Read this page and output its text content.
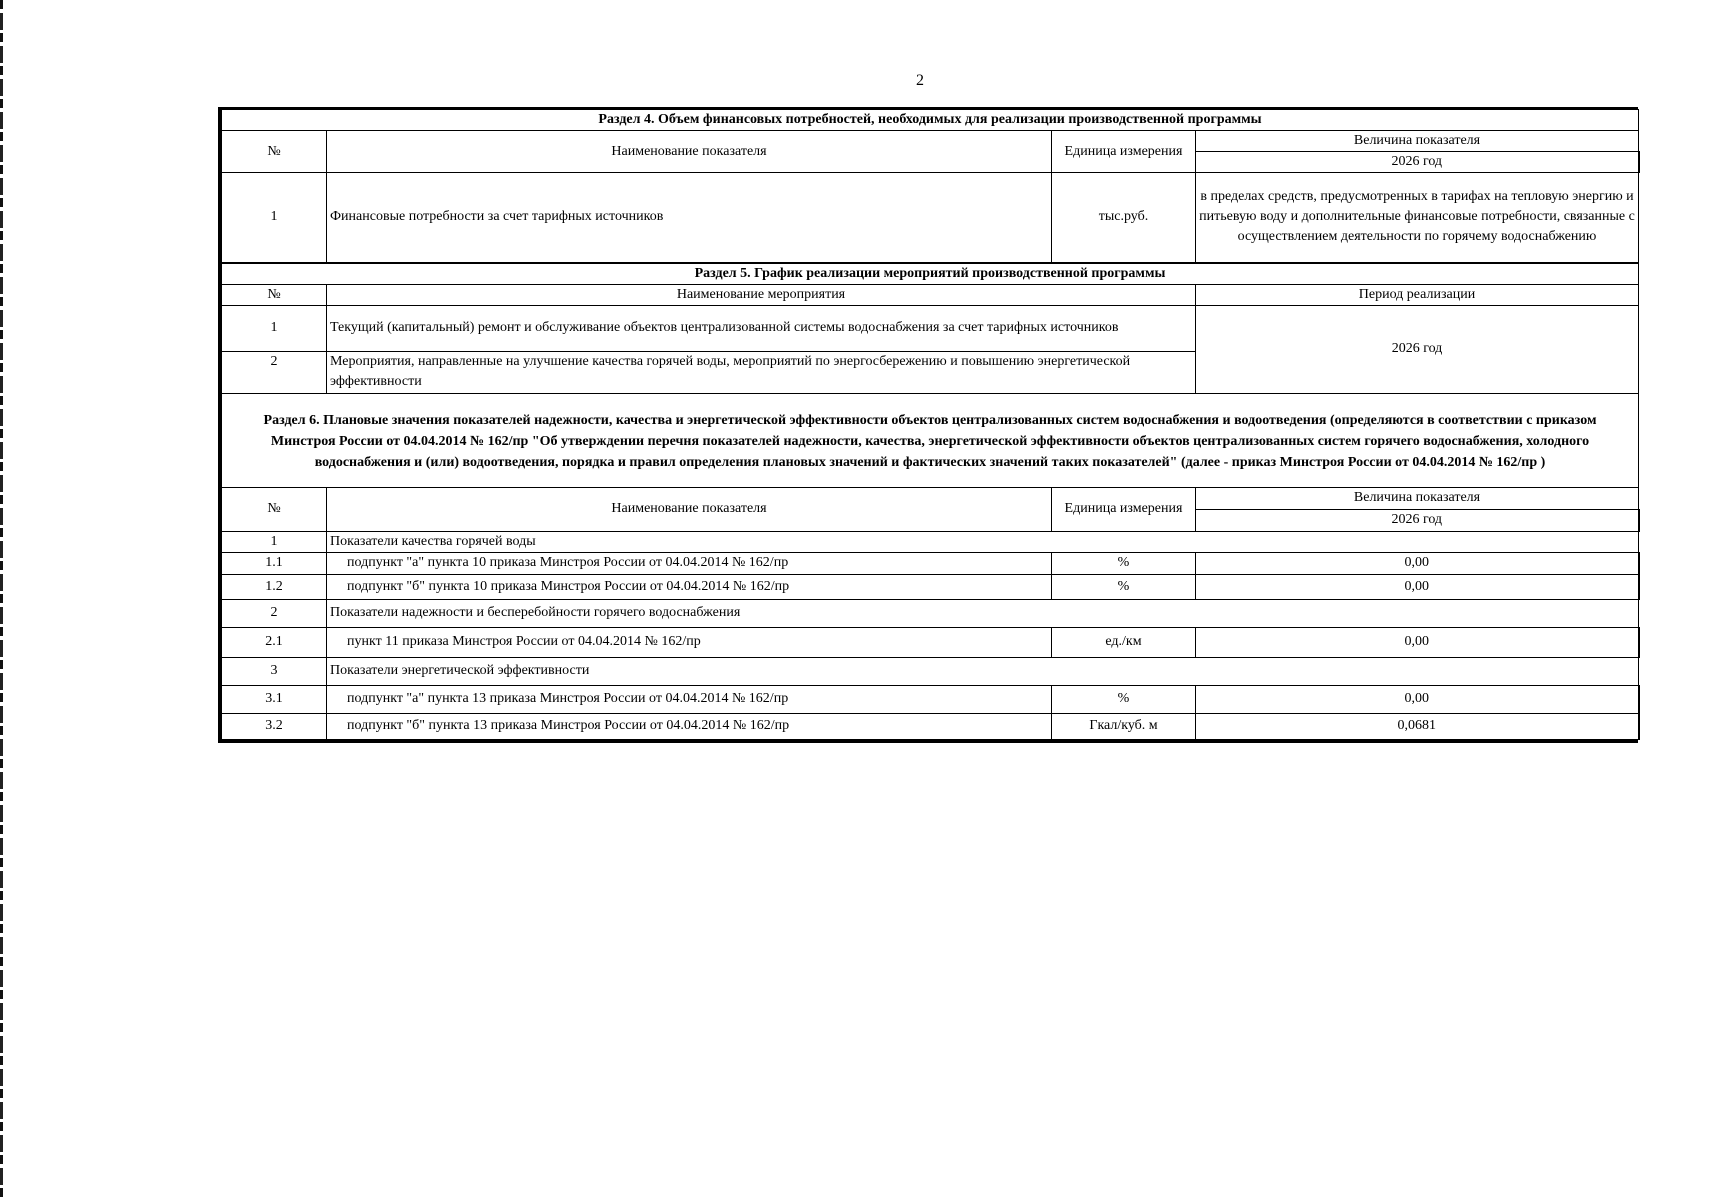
2
Раздел 4. Объем финансовых потребностей, необходимых для реализации производственной программы			
№	Наименование показателя	Единица измерения	Величина показателя
			2026 год
1	Финансовые потребности за счет тарифных источников	тыс.руб.	в пределах средств, предусмотренных в тарифах на тепловую энергию и питьевую воду и дополнительные финансовые потребности, связанные с осуществлением деятельности по горячему водоснабжению
Раздел 5. График реализации мероприятий производственной программы			
№	Наименование мероприятия		Период реализации
1	Текущий (капитальный) ремонт и обслуживание объектов централизованной системы водоснабжения за счет тарифных источников		2026 год
2	Мероприятия, направленные на улучшение качества горячей воды, мероприятий по энергосбережению и повышению энергетической эффективности		
Раздел 6. Плановые значения показателей надежности, качества и энергетической эффективности объектов централизованных систем водоснабжения и водоотведения (определяются в соответствии с приказом Минстроя России от 04.04.2014 № 162/пр "Об утверждении перечня показателей надежности, качества, энергетической эффективности объектов централизованных систем горячего водоснабжения, холодного водоснабжения и (или) водоотведения, порядка и правил определения плановых значений и фактических значений таких показателей" (далее - приказ Минстроя России от 04.04.2014 № 162/пр )			
№	Наименование показателя	Единица измерения	Величина показателя
			2026 год
1	Показатели качества горячей воды		
1.1	подпункт "а" пункта 10 приказа Минстроя России от 04.04.2014 № 162/пр	%	0,00
1.2	подпункт "б" пункта 10 приказа Минстроя России от 04.04.2014 № 162/пр	%	0,00
2	Показатели надежности и бесперебойности горячего водоснабжения		
2.1	пункт 11 приказа Минстроя России от 04.04.2014 № 162/пр	ед./км	0,00
3	Показатели энергетической эффективности		
3.1	подпункт "а" пункта 13 приказа Минстроя России от 04.04.2014 № 162/пр	%	0,00
3.2	подпункт "б" пункта 13 приказа Минстроя России от 04.04.2014 № 162/пр	Гкал/куб. м	0,0681
